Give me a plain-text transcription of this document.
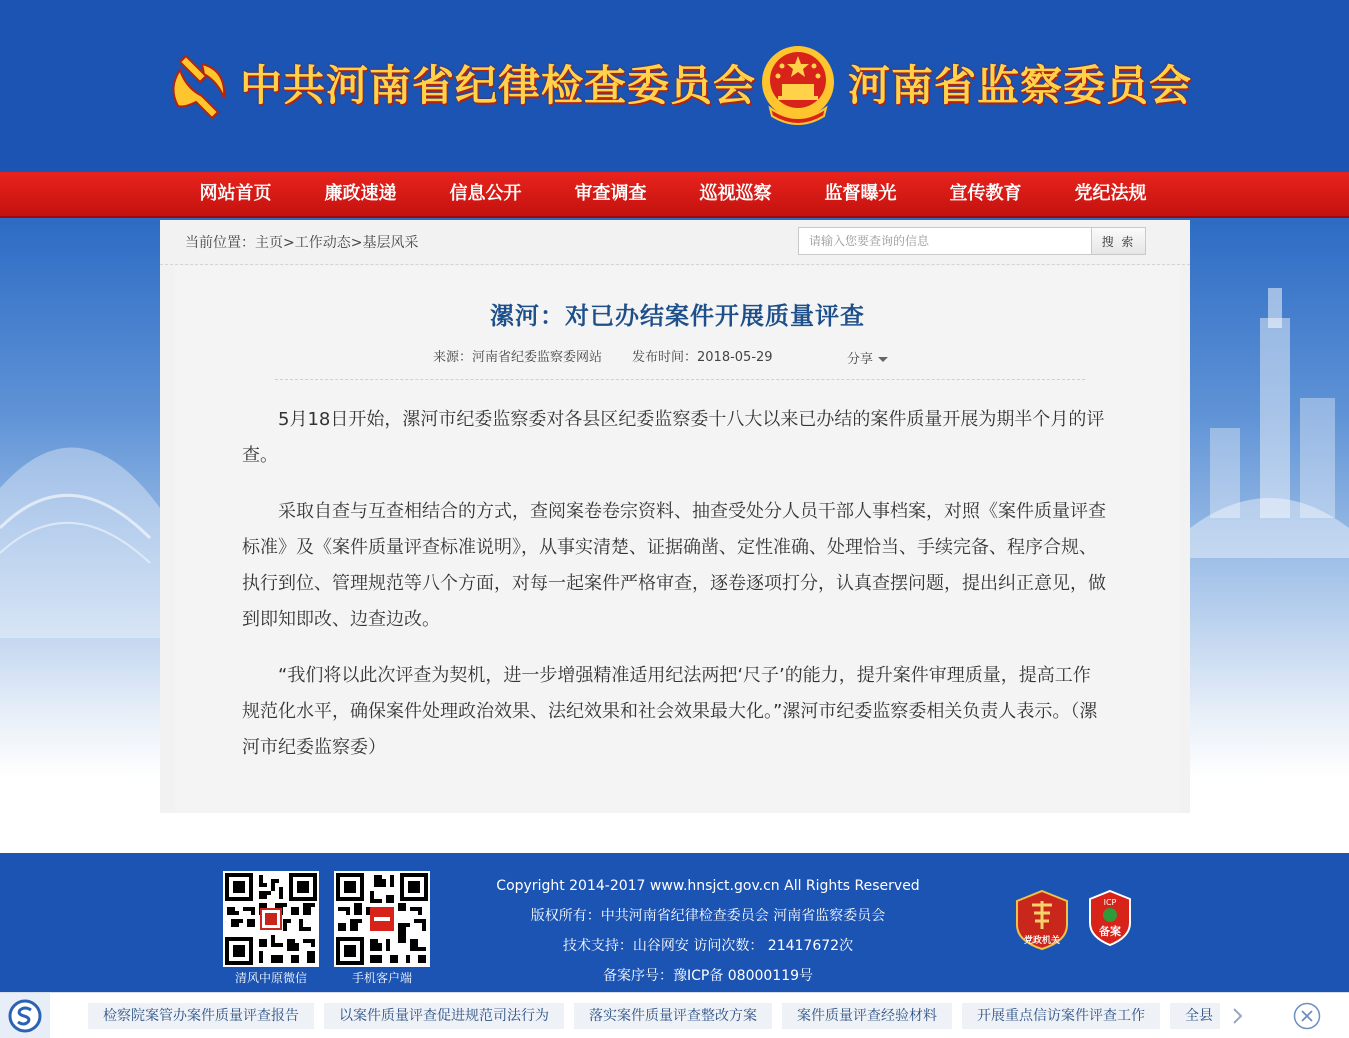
中共河南省纪律检查委员会 河南省监察委员会
网站首页	廉政速递	信息公开	审查调查	巡视巡察	监督曝光	宣传教育	党纪法规
当前位置：主页>工作动态>基层风采
请输入您要查询的信息	搜 索
漯河：对已办结案件开展质量评查
来源：河南省纪委监察委网站 发布时间：2018-05-29	分享

5月18日开始，漯河市纪委监察委对各县区纪委监察委十八大以来已办结的案件质量开展为期半个月的评查。

采取自查与互查相结合的方式，查阅案卷卷宗资料、抽查受处分人员干部人事档案，对照《案件质量评查标准》及《案件质量评查标准说明》，从事实清楚、证据确凿、定性准确、处理恰当、手续完备、程序合规、执行到位、管理规范等八个方面，对每一起案件严格审查，逐卷逐项打分，认真查摆问题，提出纠正意见，做到即知即改、边查边改。

“我们将以此次评查为契机，进一步增强精准适用纪法两把‘尺子’的能力，提升案件审理质量，提高工作规范化水平，确保案件处理政治效果、法纪效果和社会效果最大化。”漯河市纪委监察委相关负责人表示。（漯河市纪委监察委）

清风中原微信	手机客户端
Copyright 2014-2017 www.hnsjct.gov.cn All Rights Reserved
版权所有：中共河南省纪律检查委员会 河南省监察委员会
技术支持：山谷网安 访问次数： 21417672次
备案序号：豫ICP备 08000119号
党政机关
ICP
备案
检察院案管办案件质量评查报告	以案件质量评查促进规范司法行为	落实案件质量评查整改方案	案件质量评查经验材料	开展重点信访案件评查工作	全县
